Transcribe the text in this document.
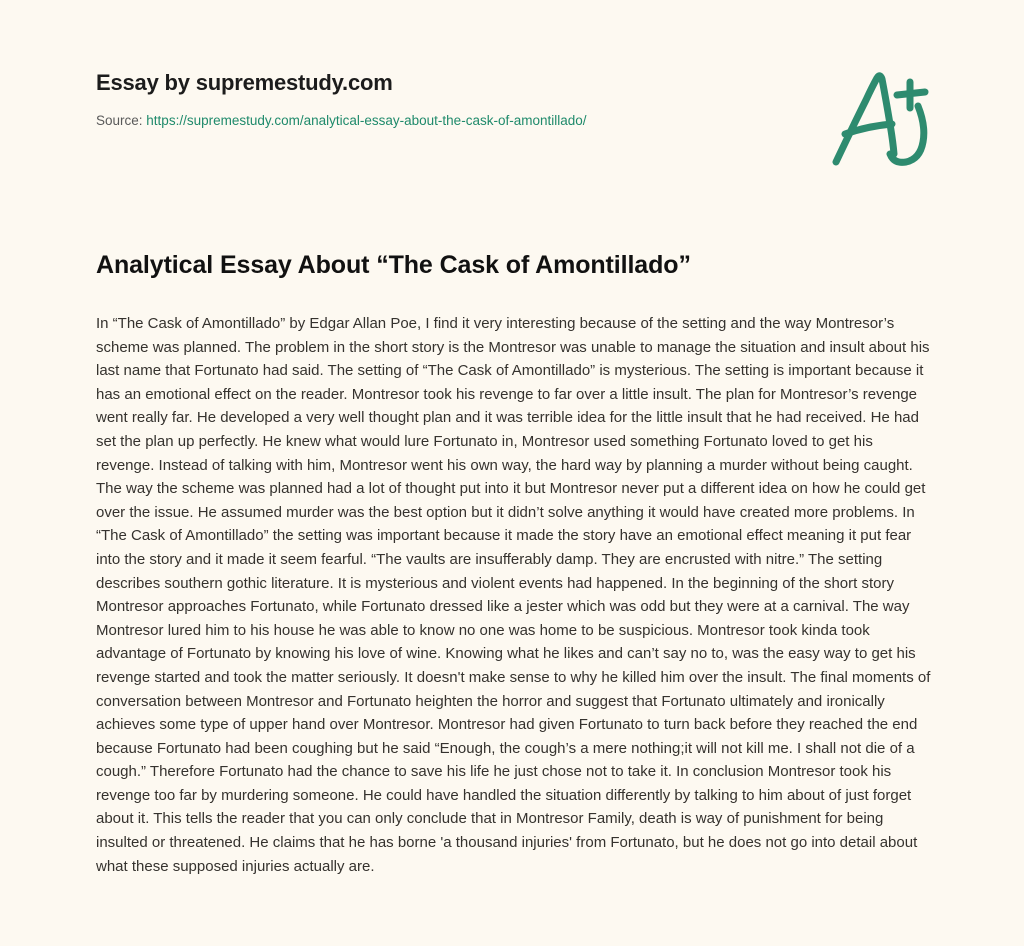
Essay by supremestudy.com
Source: https://supremestudy.com/analytical-essay-about-the-cask-of-amontillado/
Analytical Essay About “The Cask of Amontillado”

In “The Cask of Amontillado” by Edgar Allan Poe, I find it very interesting because of the setting and the way Montresor’s scheme was planned. The problem in the short story is the Montresor was unable to manage the situation and insult about his last name that Fortunato had said. The setting of “The Cask of Amontillado” is mysterious. The setting is important because it has an emotional effect on the reader. Montresor took his revenge to far over a little insult. The plan for Montresor’s revenge went really far. He developed a very well thought plan and it was terrible idea for the little insult that he had received. He had set the plan up perfectly. He knew what would lure Fortunato in, Montresor used something Fortunato loved to get his revenge. Instead of talking with him, Montresor went his own way, the hard way by planning a murder without being caught. The way the scheme was planned had a lot of thought put into it but Montresor never put a different idea on how he could get over the issue. He assumed murder was the best option but it didn’t solve anything it would have created more problems. In “The Cask of Amontillado” the setting was important because it made the story have an emotional effect meaning it put fear into the story and it made it seem fearful. “The vaults are insufferably damp. They are encrusted with nitre.” The setting describes southern gothic literature. It is mysterious and violent events had happened. In the beginning of the short story Montresor approaches Fortunato, while Fortunato dressed like a jester which was odd but they were at a carnival. The way Montresor lured him to his house he was able to know no one was home to be suspicious. Montresor took kinda took advantage of Fortunato by knowing his love of wine. Knowing what he likes and can’t say no to, was the easy way to get his revenge started and took the matter seriously. It doesn't make sense to why he killed him over the insult. The final moments of conversation between Montresor and Fortunato heighten the horror and suggest that Fortunato ultimately and ironically achieves some type of upper hand over Montresor. Montresor had given Fortunato to turn back before they reached the end because Fortunato had been coughing but he said “Enough, the cough’s a mere nothing;it will not kill me. I shall not die of a cough.” Therefore Fortunato had the chance to save his life he just chose not to take it. In conclusion Montresor took his revenge too far by murdering someone. He could have handled the situation differently by talking to him about of just forget about it. This tells the reader that you can only conclude that in Montresor Family, death is way of punishment for being insulted or threatened. He claims that he has borne 'a thousand injuries' from Fortunato, but he does not go into detail about what these supposed injuries actually are.
